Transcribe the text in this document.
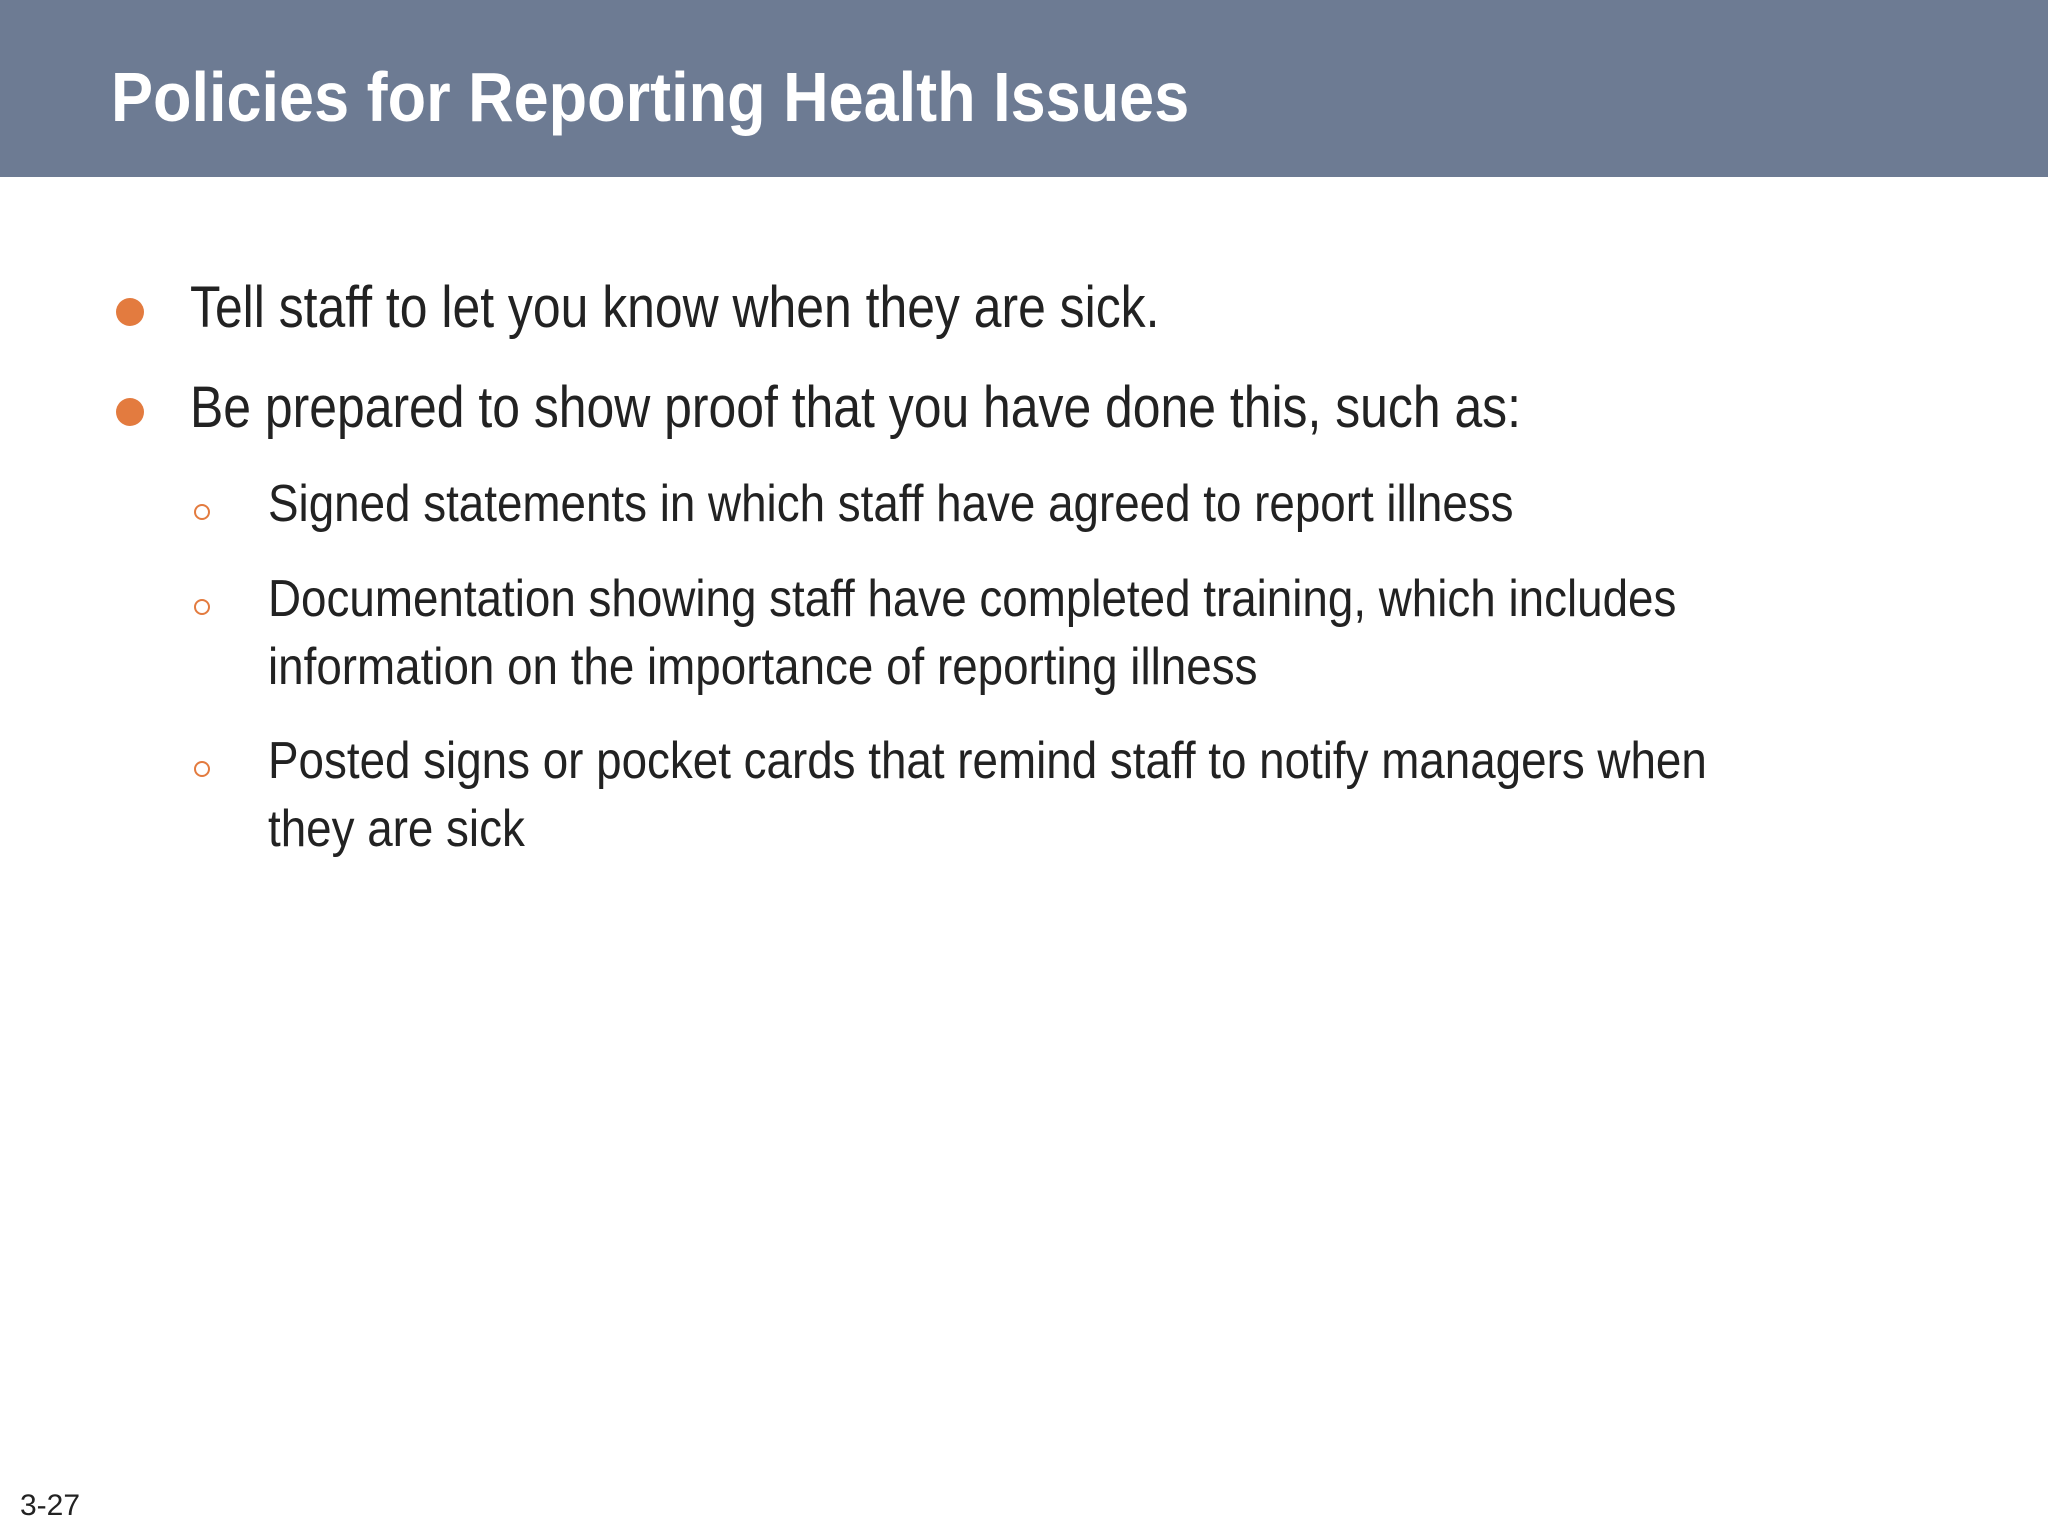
Policies for Reporting Health Issues
Tell staff to let you know when they are sick.
Be prepared to show proof that you have done this, such as:
Signed statements in which staff have agreed to report illness
Documentation showing staff have completed training, which includes information on the importance of reporting illness
Posted signs or pocket cards that remind staff to notify managers when they are sick
3-27
